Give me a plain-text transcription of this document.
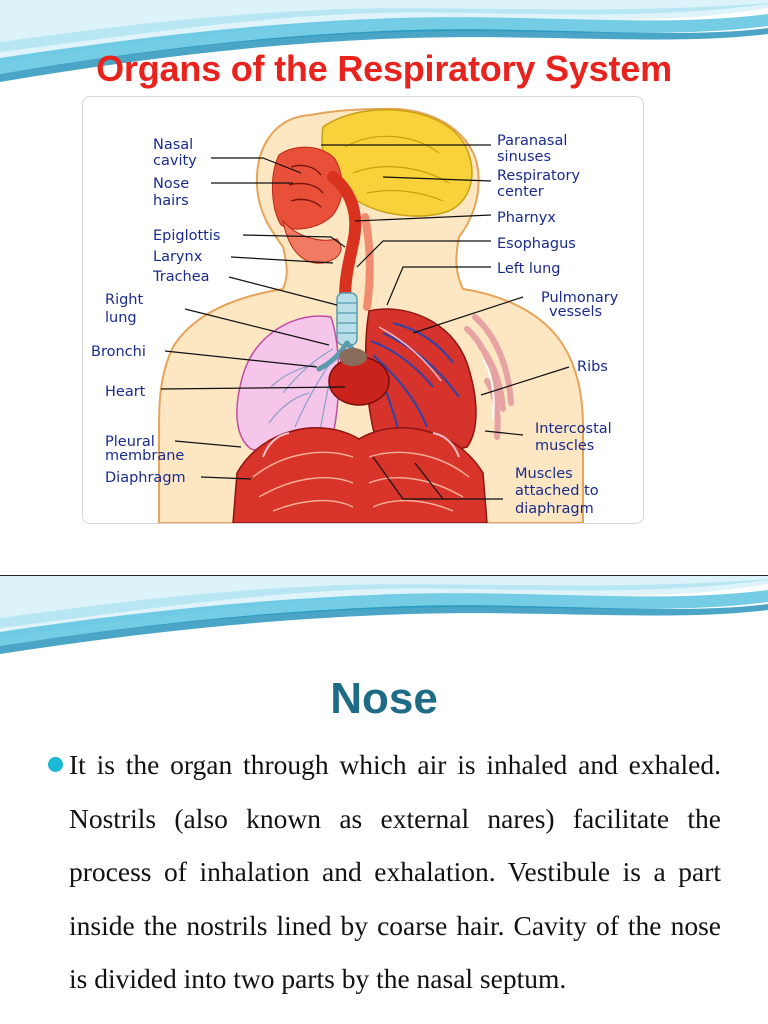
Organs of the Respiratory System
Nasal
cavity
Nose
hairs
Epiglottis
Larynx
Trachea
Right
lung
Bronchi
Heart
Pleural
membrane
Diaphragm
Paranasal
sinuses
Respiratory
center
Pharnyx
Esophagus
Left lung
Pulmonary
vessels
Ribs
Intercostal
muscles
Muscles
attached to
diaphragm
Nose

It is the organ through which air is inhaled and exhaled. Nostrils (also known as external nares) facilitate the process of inhalation and exhalation. Vestibule is a part inside the nostrils lined by coarse hair. Cavity of the nose is divided into two parts by the nasal septum.
